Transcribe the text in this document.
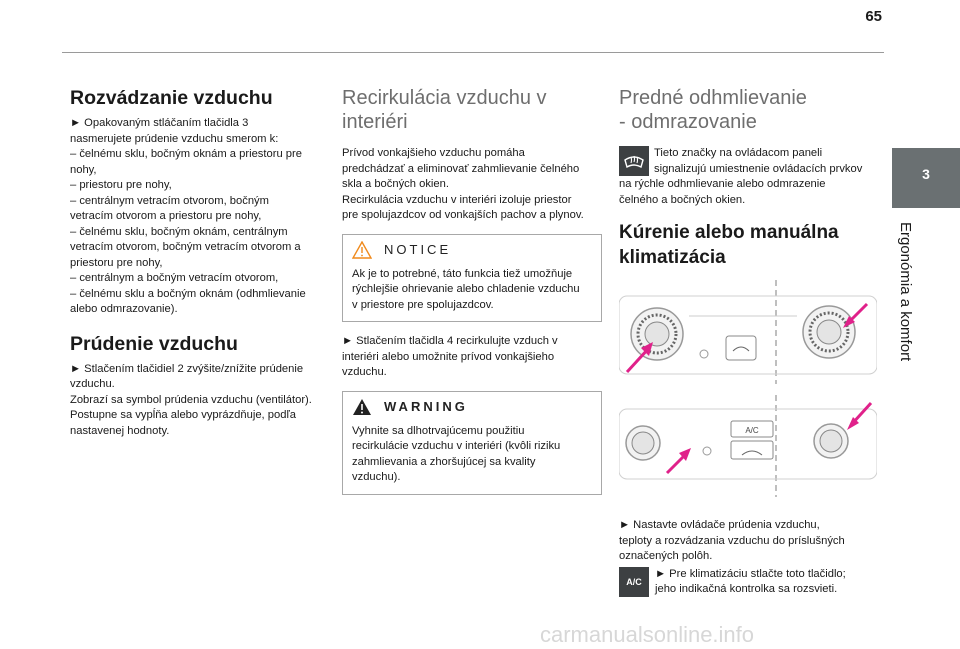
65
3
Ergonómia a komfort
Rozvádzanie vzduchu

► Opakovaným stláčaním tlačidla 3

nasmerujete prúdenie vzduchu smerom k:

– čelnému sklu, bočným oknám a priestoru pre

nohy,

– priestoru pre nohy,

– centrálnym vetracím otvorom, bočným

vetracím otvorom a priestoru pre nohy,

– čelnému sklu, bočným oknám, centrálnym

vetracím otvorom, bočným vetracím otvorom a

priestoru pre nohy,

– centrálnym a bočným vetracím otvorom,

– čelnému sklu a bočným oknám (odhmlievanie

alebo odmrazovanie).

Prúdenie vzduchu

► Stlačením tlačidiel 2 zvýšite/znížite prúdenie

vzduchu.

Zobrazí sa symbol prúdenia vzduchu (ventilátor).

Postupne sa vypĺňa alebo vyprázdňuje, podľa

nastavenej hodnoty.

Recirkulácia vzduchu v
interiéri

Prívod vonkajšieho vzduchu pomáha

predchádzať a eliminovať zahmlievanie čelného

skla a bočných okien.

Recirkulácia vzduchu v interiéri izoluje priestor

pre spolujazdcov od vonkajších pachov a plynov.

NOTICE

Ak je to potrebné, táto funkcia tiež umožňuje

rýchlejšie ohrievanie alebo chladenie vzduchu

v priestore pre spolujazdcov.

► Stlačením tlačidla 4 recirkulujte vzduch v

interiéri alebo umožnite prívod vonkajšieho

vzduchu.

WARNING

Vyhnite sa dlhotrvajúcemu použitiu

recirkulácie vzduchu v interiéri (kvôli riziku

zahmlievania a zhoršujúcej sa kvality

vzduchu).

Predné odhmlievanie
- odmrazovanie

Tieto značky na ovládacom paneli

signalizujú umiestnenie ovládacích prvkov

na rýchle odhmlievanie alebo odmrazenie

čelného a bočných okien.

Kúrenie alebo manuálna
klimatizácia

A/C

► Nastavte ovládače prúdenia vzduchu,

teploty a rozvádzania vzduchu do príslušných

označených polôh.

A/C

► Pre klimatizáciu stlačte toto tlačidlo;

jeho indikačná kontrolka sa rozsvieti.

carmanualsonline.info
